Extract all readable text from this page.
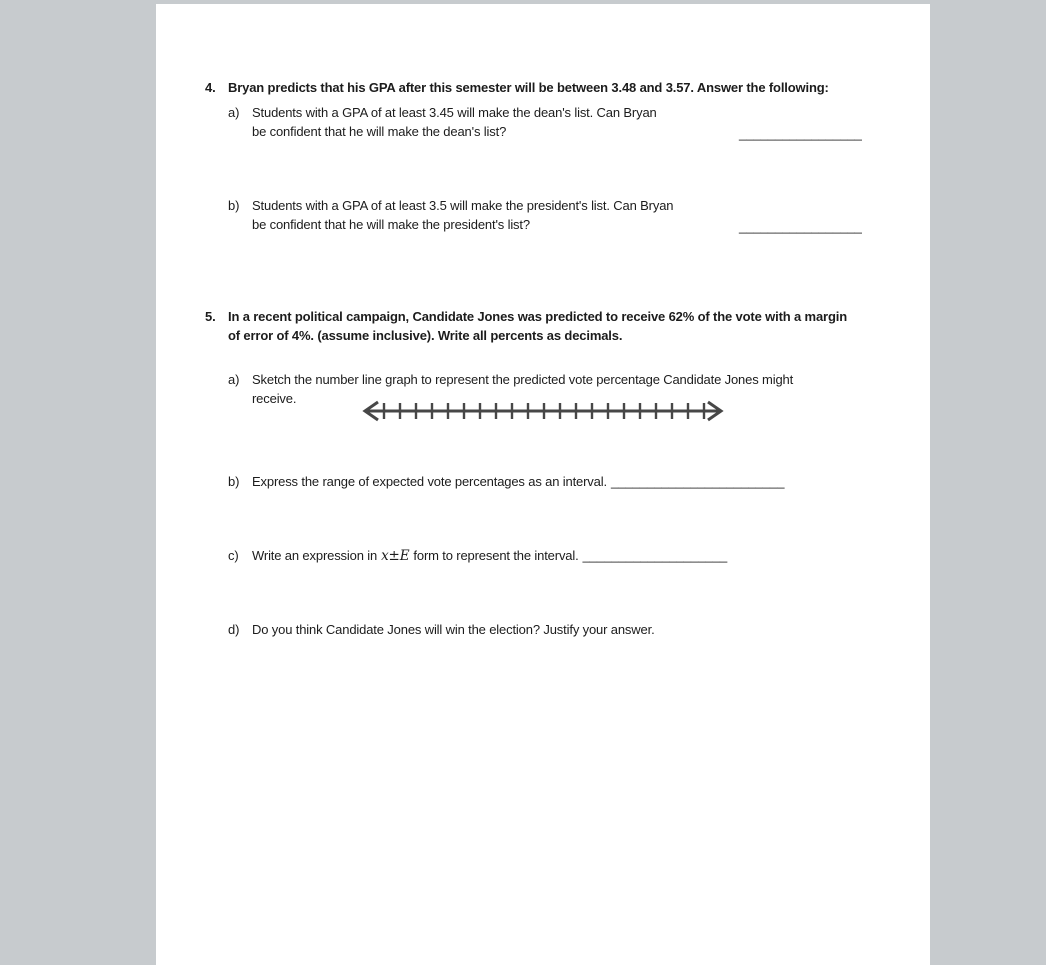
4. Bryan predicts that his GPA after this semester will be between 3.48 and 3.57. Answer the following:
a) Students with a GPA of at least 3.45 will make the dean's list. Can Bryan
be confident that he will make the dean's list?	_________________
b) Students with a GPA of at least 3.5 will make the president's list. Can Bryan
be confident that he will make the president's list?	_________________
5. In a recent political campaign, Candidate Jones was predicted to receive 62% of the vote with a margin
of error of 4%. (assume inclusive). Write all percents as decimals.
a) Sketch the number line graph to represent the predicted vote percentage Candidate Jones might
receive.
b) Express the range of expected vote percentages as an interval. ________________________
c)	Write an expression in x±E form to represent the interval. ____________________
d) Do you think Candidate Jones will win the election? Justify your answer.
